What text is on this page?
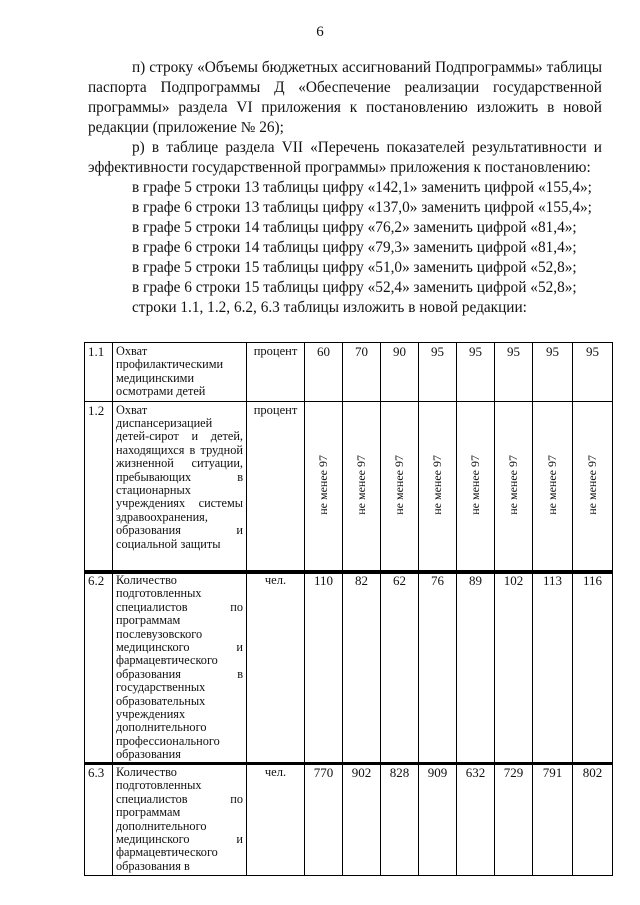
6

п) строку «Объемы бюджетных ассигнований Подпрограммы» таблицы паспорта Подпрограммы Д «Обеспечение реализации государственной программы» раздела VI приложения к постановлению изложить в новой редакции (приложение № 26);

р) в таблице раздела VII «Перечень показателей результативности и эффективности государственной программы» приложения к постановлению:

в графе 5 строки 13 таблицы цифру «142,1» заменить цифрой «155,4»;

в графе 6 строки 13 таблицы цифру «137,0» заменить цифрой «155,4»;

в графе 5 строки 14 таблицы цифру «76,2» заменить цифрой «81,4»;

в графе 6 строки 14 таблицы цифру «79,3» заменить цифрой «81,4»;

в графе 5 строки 15 таблицы цифру «51,0» заменить цифрой «52,8»;

в графе 6 строки 15 таблицы цифру «52,4» заменить цифрой «52,8»;

строки 1.1, 1.2, 6.2, 6.3 таблицы изложить в новой редакции:

1.1	Охват профилактическими медицинскими осмотрами детей	процент	60	70	90	95	95	95	95	95
1.2	Охват диспансеризацией детей-сирот и детей, находящихся в трудной жизненной ситуации, пребывающих в стационарных учреждениях системы здравоохранения, образования и социальной защиты	процент	не менее 97	не менее 97	не менее 97	не менее 97	не менее 97	не менее 97	не менее 97	не менее 97
6.2	Количество подготовленных специалистов по программам послевузовского медицинского и фармацевтического образования в государственных образовательных учреждениях дополнительного профессионального образования	чел.	110	82	62	76	89	102	113	116
6.3	Количество подготовленных специалистов по программам дополнительного медицинского и фармацевтического образования в	чел.	770	902	828	909	632	729	791	802
